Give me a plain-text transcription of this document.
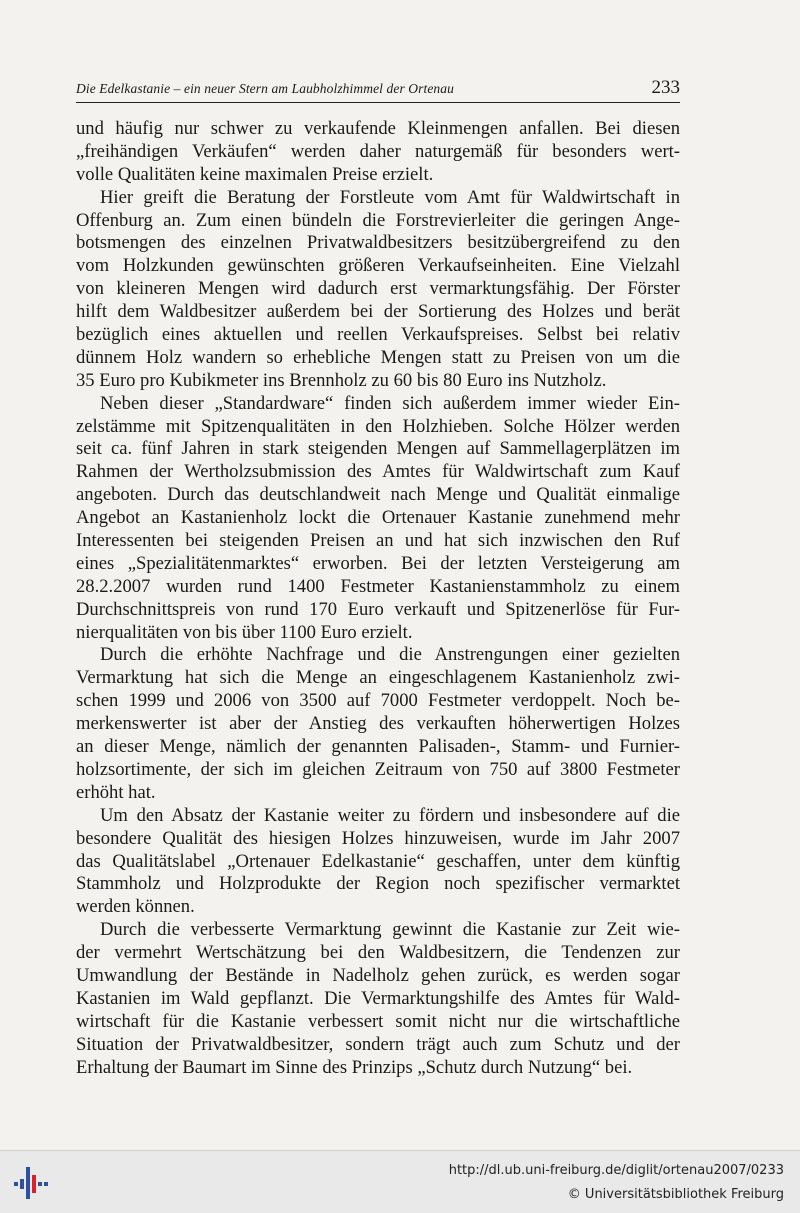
Die Edelkastanie – ein neuer Stern am Laubholzhimmel der Ortenau	233
und häufig nur schwer zu verkaufende Kleinmengen anfallen. Bei diesen
„freihändigen Verkäufen“ werden daher naturgemäß für besonders wert-
volle Qualitäten keine maximalen Preise erzielt.
Hier greift die Beratung der Forstleute vom Amt für Waldwirtschaft in
Offenburg an. Zum einen bündeln die Forstrevierleiter die geringen Ange-
botsmengen des einzelnen Privatwaldbesitzers besitzübergreifend zu den
vom Holzkunden gewünschten größeren Verkaufseinheiten. Eine Vielzahl
von kleineren Mengen wird dadurch erst vermarktungsfähig. Der Förster
hilft dem Waldbesitzer außerdem bei der Sortierung des Holzes und berät
bezüglich eines aktuellen und reellen Verkaufspreises. Selbst bei relativ
dünnem Holz wandern so erhebliche Mengen statt zu Preisen von um die
35 Euro pro Kubikmeter ins Brennholz zu 60 bis 80 Euro ins Nutzholz.
Neben dieser „Standardware“ finden sich außerdem immer wieder Ein-
zelstämme mit Spitzenqualitäten in den Holzhieben. Solche Hölzer werden
seit ca. fünf Jahren in stark steigenden Mengen auf Sammellagerplätzen im
Rahmen der Wertholzsubmission des Amtes für Waldwirtschaft zum Kauf
angeboten. Durch das deutschlandweit nach Menge und Qualität einmalige
Angebot an Kastanienholz lockt die Ortenauer Kastanie zunehmend mehr
Interessenten bei steigenden Preisen an und hat sich inzwischen den Ruf
eines „Spezialitätenmarktes“ erworben. Bei der letzten Versteigerung am
28.2.2007 wurden rund 1400 Festmeter Kastanienstammholz zu einem
Durchschnittspreis von rund 170 Euro verkauft und Spitzenerlöse für Fur-
nierqualitäten von bis über 1100 Euro erzielt.
Durch die erhöhte Nachfrage und die Anstrengungen einer gezielten
Vermarktung hat sich die Menge an eingeschlagenem Kastanienholz zwi-
schen 1999 und 2006 von 3500 auf 7000 Festmeter verdoppelt. Noch be-
merkenswerter ist aber der Anstieg des verkauften höherwertigen Holzes
an dieser Menge, nämlich der genannten Palisaden-, Stamm- und Furnier-
holzsortimente, der sich im gleichen Zeitraum von 750 auf 3800 Festmeter
erhöht hat.
Um den Absatz der Kastanie weiter zu fördern und insbesondere auf die
besondere Qualität des hiesigen Holzes hinzuweisen, wurde im Jahr 2007
das Qualitätslabel „Ortenauer Edelkastanie“ geschaffen, unter dem künftig
Stammholz und Holzprodukte der Region noch spezifischer vermarktet
werden können.
Durch die verbesserte Vermarktung gewinnt die Kastanie zur Zeit wie-
der vermehrt Wertschätzung bei den Waldbesitzern, die Tendenzen zur
Umwandlung der Bestände in Nadelholz gehen zurück, es werden sogar
Kastanien im Wald gepflanzt. Die Vermarktungshilfe des Amtes für Wald-
wirtschaft für die Kastanie verbessert somit nicht nur die wirtschaftliche
Situation der Privatwaldbesitzer, sondern trägt auch zum Schutz und der
Erhaltung der Baumart im Sinne des Prinzips „Schutz durch Nutzung“ bei.
http://dl.ub.uni-freiburg.de/diglit/ortenau2007/0233
© Universitätsbibliothek Freiburg
